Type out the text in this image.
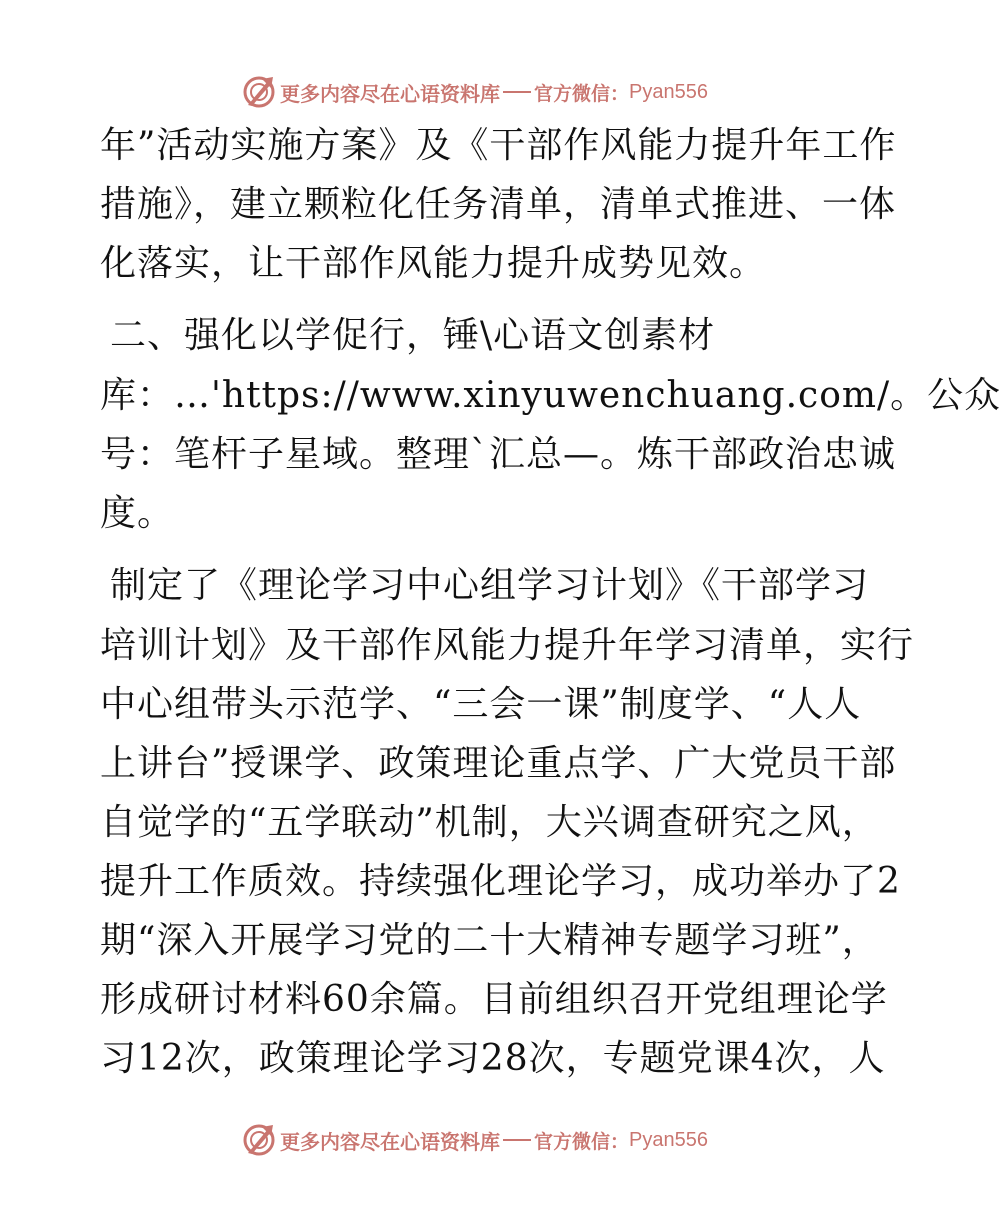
更多内容尽在心语资料库 官方微信： Pyan556
年”活动实施方案》及《干部作风能力提升年工作
措施》，建立颗粒化任务清单，清单式推进、一体
化落实，让干部作风能力提升成势见效。
二、强化以学促行，锤\心语文创素材
库：…'https://www.xinyuwenchuang.com/。公众
号：笔杆子星域。整理`汇总—。炼干部政治忠诚
度。
制定了《理论学习中心组学习计划》《干部学习
培训计划》及干部作风能力提升年学习清单，实行
中心组带头示范学、“三会一课”制度学、“人人
上讲台”授课学、政策理论重点学、广大党员干部
自觉学的“五学联动”机制，大兴调查研究之风，
提升工作质效。持续强化理论学习，成功举办了2
期“深入开展学习党的二十大精神专题学习班”，
形成研讨材料60余篇。目前组织召开党组理论学
习12次，政策理论学习28次，专题党课4次，人
更多内容尽在心语资料库 官方微信： Pyan556
